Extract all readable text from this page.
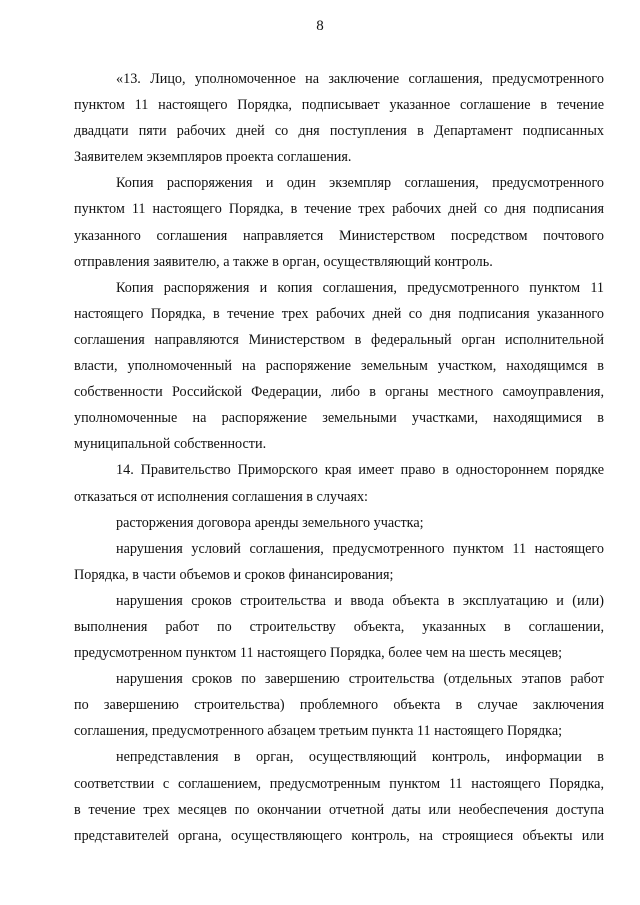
8

«13. Лицо, уполномоченное на заключение соглашения, предусмотренного
пунктом 11 настоящего Порядка, подписывает указанное соглашение в течение
двадцати пяти рабочих дней со дня поступления в Департамент подписанных
Заявителем экземпляров проекта соглашения.

Копия распоряжения и один экземпляр соглашения, предусмотренного
пунктом 11 настоящего Порядка, в течение трех рабочих дней со дня подписания
указанного соглашения направляется Министерством посредством почтового
отправления заявителю, а также в орган, осуществляющий контроль.

Копия распоряжения и копия соглашения, предусмотренного пунктом 11
настоящего Порядка, в течение трех рабочих дней со дня подписания указанного
соглашения направляются Министерством в федеральный орган исполнительной
власти, уполномоченный на распоряжение земельным участком, находящимся в
собственности Российской Федерации, либо в органы местного самоуправления,
уполномоченные на распоряжение земельными участками, находящимися в
муниципальной собственности.

14. Правительство Приморского края имеет право в одностороннем порядке
отказаться от исполнения соглашения в случаях:

расторжения договора аренды земельного участка;

нарушения условий соглашения, предусмотренного пунктом 11 настоящего
Порядка, в части объемов и сроков финансирования;

нарушения сроков строительства и ввода объекта в эксплуатацию и (или)
выполнения работ по строительству объекта, указанных в соглашении,
предусмотренном пунктом 11 настоящего Порядка, более чем на шесть месяцев;

нарушения сроков по завершению строительства (отдельных этапов работ
по завершению строительства) проблемного объекта в случае заключения
соглашения, предусмотренного абзацем третьим пункта 11 настоящего Порядка;

непредставления в орган, осуществляющий контроль, информации в
соответствии с соглашением, предусмотренным пунктом 11 настоящего Порядка,
в течение трех месяцев по окончании отчетной даты или необеспечения доступа
представителей органа, осуществляющего контроль, на строящиеся объекты или
